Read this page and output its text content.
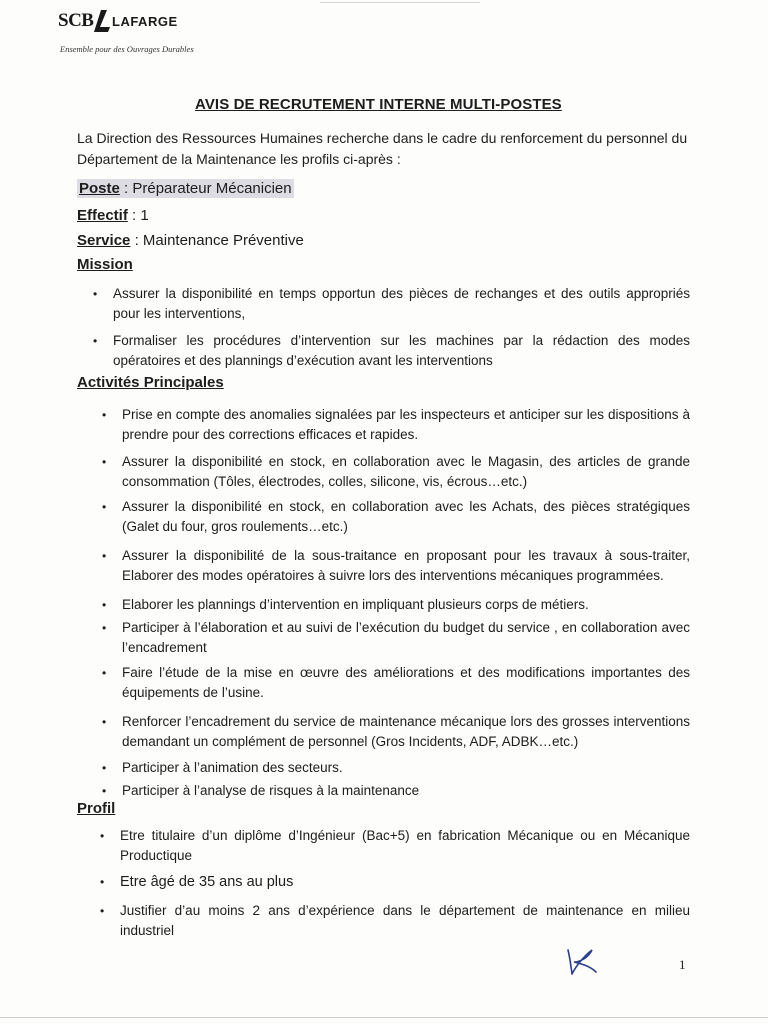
SCB LAFARGE
Ensemble pour des Ouvrages Durables
AVIS DE RECRUTEMENT INTERNE MULTI-POSTES
La Direction des Ressources Humaines recherche dans le cadre du renforcement du personnel du Département de la Maintenance les profils ci-après :
Poste : Préparateur Mécanicien
Effectif : 1
Service : Maintenance Préventive
Mission
• Assurer la disponibilité en temps opportun des pièces de rechanges et des outils appropriés pour les interventions,
• Formaliser les procédures d’intervention sur les machines par la rédaction des modes opératoires et des plannings d’exécution avant les interventions
Activités Principales
• Prise en compte des anomalies signalées par les inspecteurs et anticiper sur les dispositions à prendre pour des corrections efficaces et rapides.
• Assurer la disponibilité en stock, en collaboration avec le Magasin, des articles de grande consommation (Tôles, électrodes, colles, silicone, vis, écrous…etc.)
• Assurer la disponibilité en stock, en collaboration avec les Achats, des pièces stratégiques (Galet du four, gros roulements…etc.)
• Assurer la disponibilité de la sous-traitance en proposant pour les travaux à sous-traiter, Elaborer des modes opératoires à suivre lors des interventions mécaniques programmées.
• Elaborer les plannings d’intervention en impliquant plusieurs corps de métiers.
• Participer à l’élaboration et au suivi de l’exécution du budget du service , en collaboration avec l’encadrement
• Faire l’étude de la mise en œuvre des améliorations et des modifications importantes des équipements de l’usine.
• Renforcer l’encadrement du service de maintenance mécanique lors des grosses interventions demandant un complément de personnel (Gros Incidents, ADF, ADBK…etc.)
• Participer à l’animation des secteurs.
• Participer à l’analyse de risques à la maintenance
Profil
• Etre titulaire d’un diplôme d’Ingénieur (Bac+5) en fabrication Mécanique ou en Mécanique Productique
• Etre âgé de 35 ans au plus
• Justifier d’au moins 2 ans d’expérience dans le département de maintenance en milieu industriel
1
